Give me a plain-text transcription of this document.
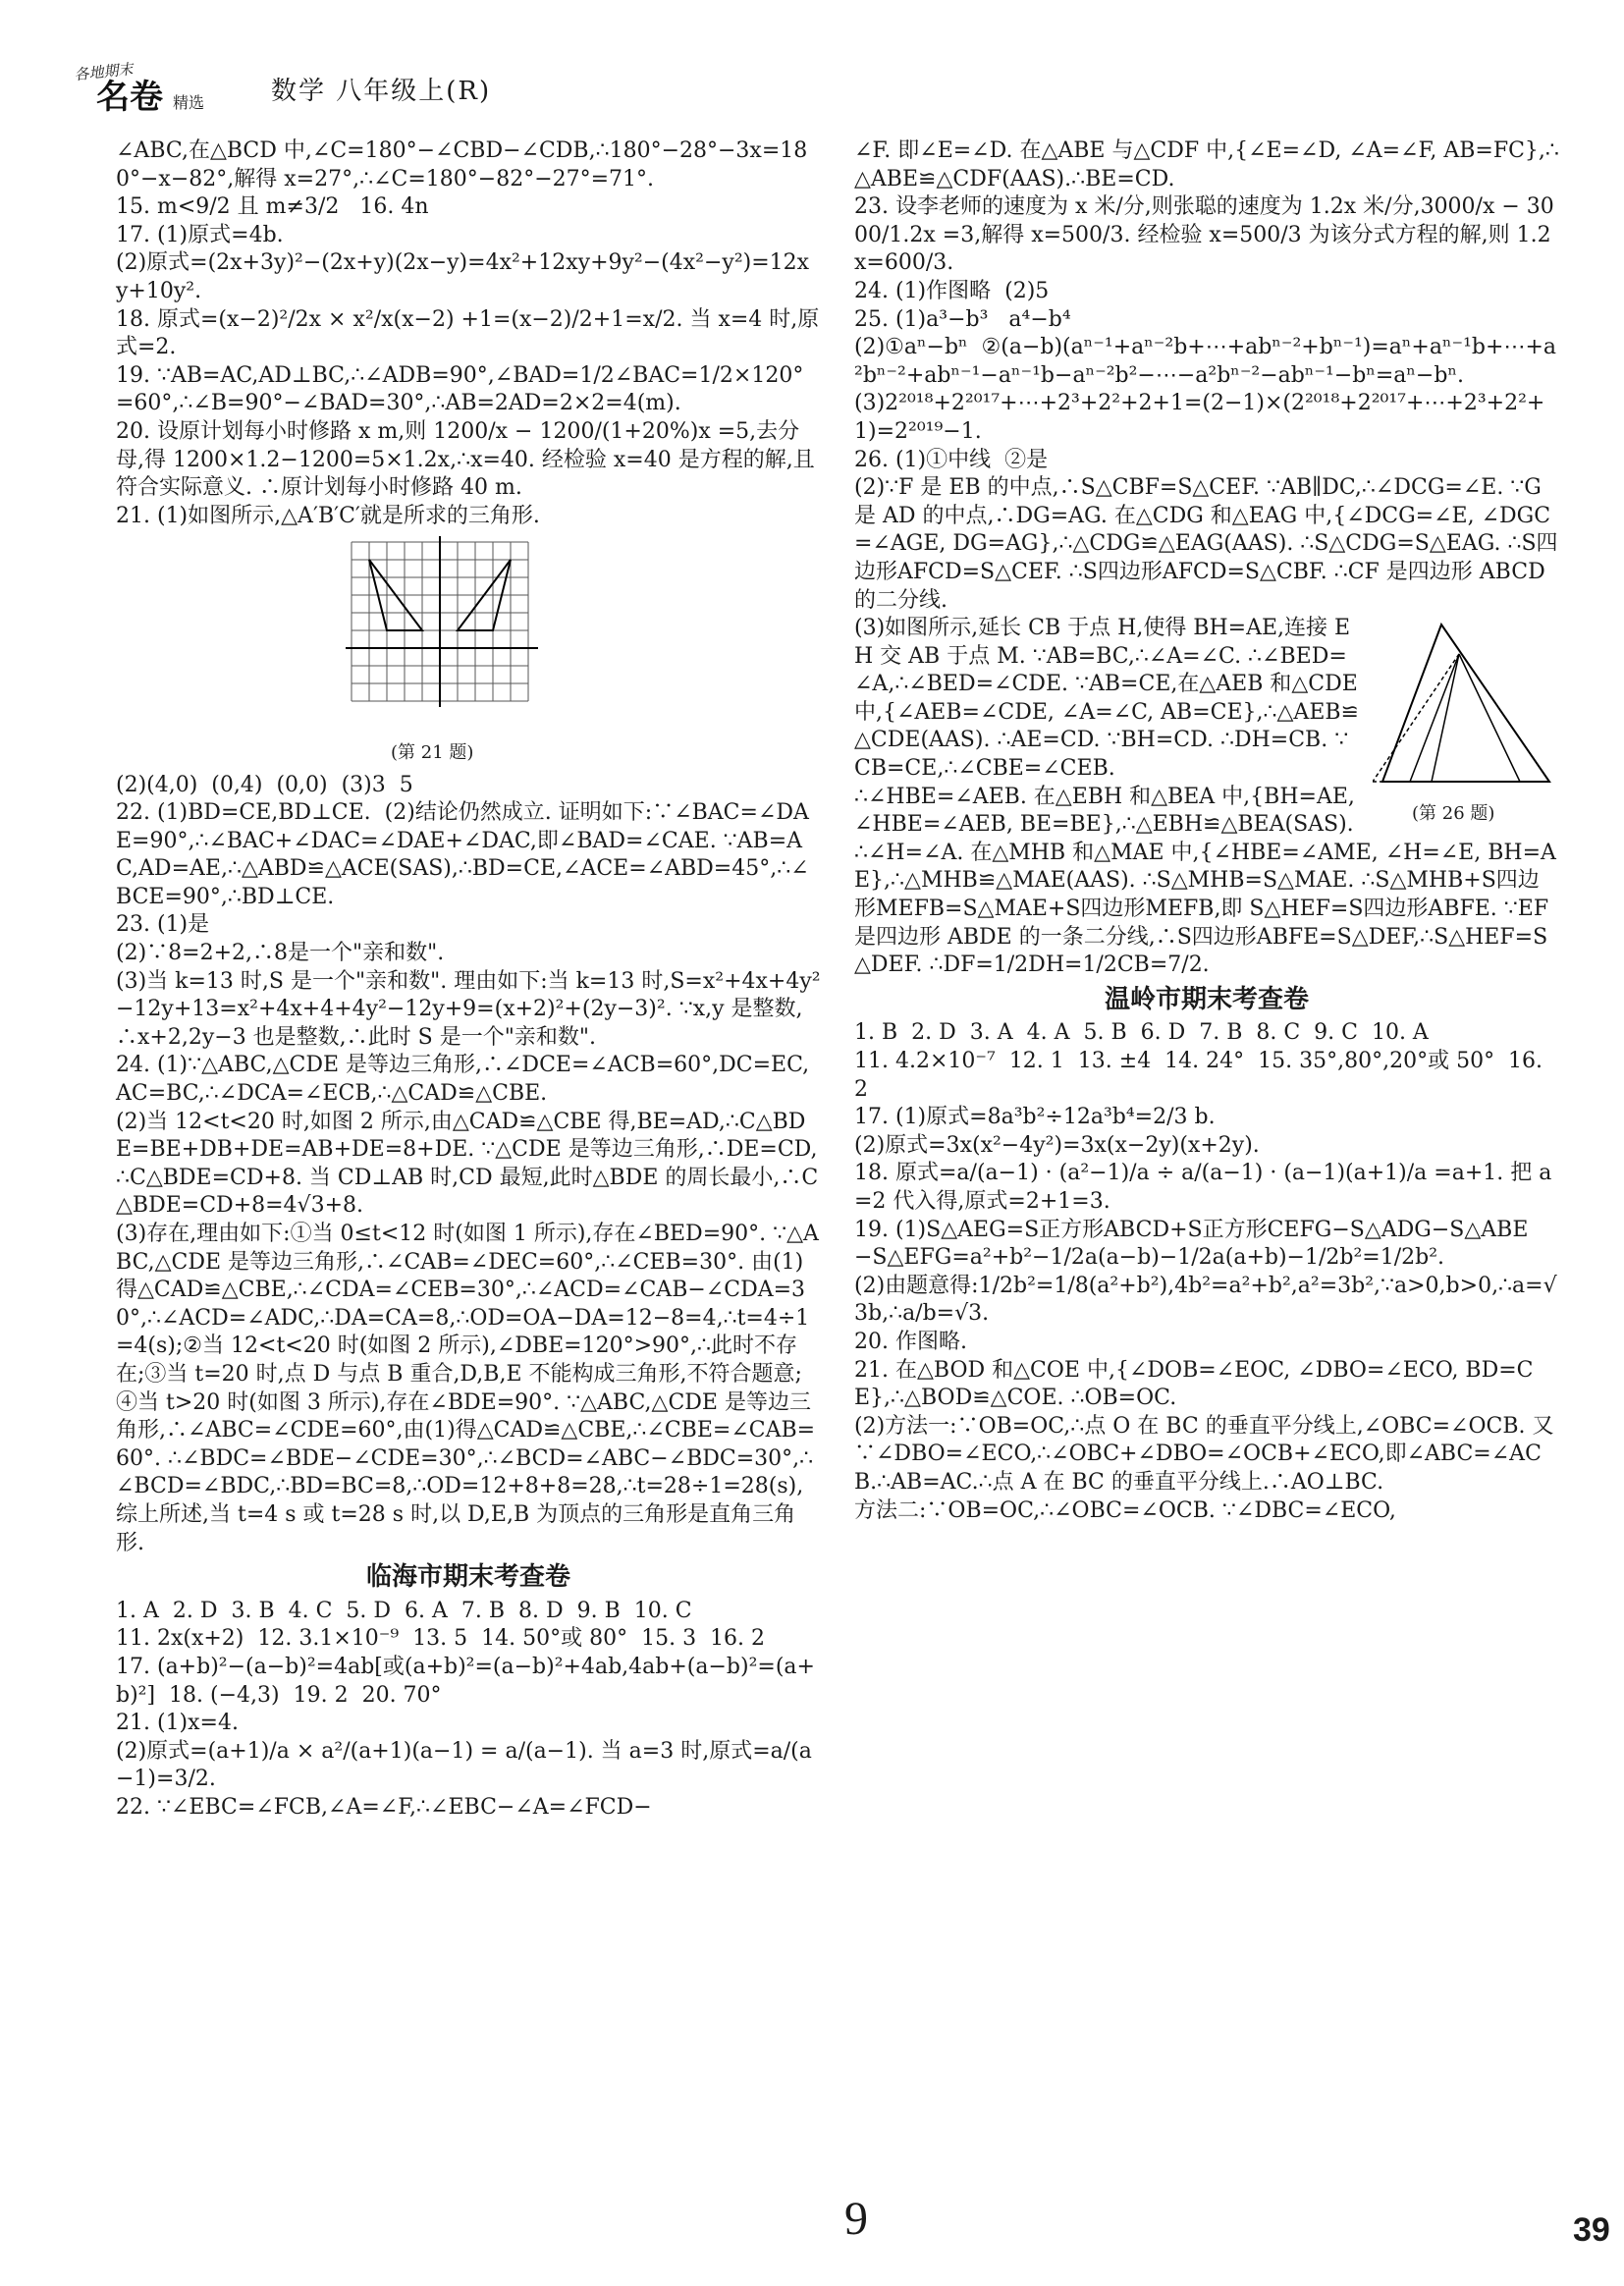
各地期末
名卷 精选	数学 八年级上(R)

∠ABC,在△BCD 中,∠C=180°−∠CBD−∠CDB,∴180°−28°−3x=180°−x−82°,解得 x=27°,∴∠C=180°−82°−27°=71°.

15. m<9/2 且 m≠3/2   16. 4n

17. (1)原式=4b.

(2)原式=(2x+3y)²−(2x+y)(2x−y)=4x²+12xy+9y²−(4x²−y²)=12xy+10y².

18. 原式=(x−2)²/2x × x²/x(x−2) +1=(x−2)/2+1=x/2. 当 x=4 时,原式=2.

19. ∵AB=AC,AD⊥BC,∴∠ADB=90°,∠BAD=1/2∠BAC=1/2×120°=60°,∴∠B=90°−∠BAD=30°,∴AB=2AD=2×2=4(m).

20. 设原计划每小时修路 x m,则 1200/x − 1200/(1+20%)x =5,去分母,得 1200×1.2−1200=5×1.2x,∴x=40. 经检验 x=40 是方程的解,且符合实际意义. ∴原计划每小时修路 40 m.

21. (1)如图所示,△A′B′C′就是所求的三角形.

(第 21 题)

(2)(4,0)  (0,4)  (0,0)  (3)3  5

22. (1)BD=CE,BD⊥CE.  (2)结论仍然成立. 证明如下:∵∠BAC=∠DAE=90°,∴∠BAC+∠DAC=∠DAE+∠DAC,即∠BAD=∠CAE. ∵AB=AC,AD=AE,∴△ABD≌△ACE(SAS),∴BD=CE,∠ACE=∠ABD=45°,∴∠BCE=90°,∴BD⊥CE.

23. (1)是

(2)∵8=2+2,∴8是一个"亲和数".

(3)当 k=13 时,S 是一个"亲和数". 理由如下:当 k=13 时,S=x²+4x+4y²−12y+13=x²+4x+4+4y²−12y+9=(x+2)²+(2y−3)². ∵x,y 是整数,∴x+2,2y−3 也是整数,∴此时 S 是一个"亲和数".

24. (1)∵△ABC,△CDE 是等边三角形,∴∠DCE=∠ACB=60°,DC=EC,AC=BC,∴∠DCA=∠ECB,∴△CAD≌△CBE.

(2)当 12<t<20 时,如图 2 所示,由△CAD≌△CBE 得,BE=AD,∴C△BDE=BE+DB+DE=AB+DE=8+DE. ∵△CDE 是等边三角形,∴DE=CD,∴C△BDE=CD+8. 当 CD⊥AB 时,CD 最短,此时△BDE 的周长最小,∴C△BDE=CD+8=4√3+8.

(3)存在,理由如下:①当 0≤t<12 时(如图 1 所示),存在∠BED=90°. ∵△ABC,△CDE 是等边三角形,∴∠CAB=∠DEC=60°,∴∠CEB=30°. 由(1)得△CAD≌△CBE,∴∠CDA=∠CEB=30°,∴∠ACD=∠CAB−∠CDA=30°,∴∠ACD=∠ADC,∴DA=CA=8,∴OD=OA−DA=12−8=4,∴t=4÷1=4(s);②当 12<t<20 时(如图 2 所示),∠DBE=120°>90°,∴此时不存在;③当 t=20 时,点 D 与点 B 重合,D,B,E 不能构成三角形,不符合题意;④当 t>20 时(如图 3 所示),存在∠BDE=90°. ∵△ABC,△CDE 是等边三角形,∴∠ABC=∠CDE=60°,由(1)得△CAD≌△CBE,∴∠CBE=∠CAB=60°. ∴∠BDC=∠BDE−∠CDE=30°,∴∠BCD=∠ABC−∠BDC=30°,∴∠BCD=∠BDC,∴BD=BC=8,∴OD=12+8+8=28,∴t=28÷1=28(s),综上所述,当 t=4 s 或 t=28 s 时,以 D,E,B 为顶点的三角形是直角三角形.

临海市期末考查卷

1. A  2. D  3. B  4. C  5. D  6. A  7. B  8. D  9. B  10. C

11. 2x(x+2)  12. 3.1×10⁻⁹  13. 5  14. 50°或 80°  15. 3  16. 2

17. (a+b)²−(a−b)²=4ab[或(a+b)²=(a−b)²+4ab,4ab+(a−b)²=(a+b)²]  18. (−4,3)  19. 2  20. 70°

21. (1)x=4.

(2)原式=(a+1)/a × a²/(a+1)(a−1) = a/(a−1). 当 a=3 时,原式=a/(a−1)=3/2.

22. ∵∠EBC=∠FCB,∠A=∠F,∴∠EBC−∠A=∠FCD−

∠F. 即∠E=∠D. 在△ABE 与△CDF 中,{∠E=∠D, ∠A=∠F, AB=FC},∴△ABE≌△CDF(AAS).∴BE=CD.

23. 设李老师的速度为 x 米/分,则张聪的速度为 1.2x 米/分,3000/x − 3000/1.2x =3,解得 x=500/3. 经检验 x=500/3 为该分式方程的解,则 1.2x=600/3.

24. (1)作图略  (2)5

25. (1)a³−b³   a⁴−b⁴

(2)①aⁿ−bⁿ  ②(a−b)(aⁿ⁻¹+aⁿ⁻²b+⋯+abⁿ⁻²+bⁿ⁻¹)=aⁿ+aⁿ⁻¹b+⋯+a²bⁿ⁻²+abⁿ⁻¹−aⁿ⁻¹b−aⁿ⁻²b²−⋯−a²bⁿ⁻²−abⁿ⁻¹−bⁿ=aⁿ−bⁿ.

(3)2²⁰¹⁸+2²⁰¹⁷+⋯+2³+2²+2+1=(2−1)×(2²⁰¹⁸+2²⁰¹⁷+⋯+2³+2²+1)=2²⁰¹⁹−1.

26. (1)①中线  ②是

(2)∵F 是 EB 的中点,∴S△CBF=S△CEF. ∵AB∥DC,∴∠DCG=∠E. ∵G 是 AD 的中点,∴DG=AG. 在△CDG 和△EAG 中,{∠DCG=∠E, ∠DGC=∠AGE, DG=AG},∴△CDG≌△EAG(AAS). ∴S△CDG=S△EAG. ∴S四边形AFCD=S△CEF. ∴S四边形AFCD=S△CBF. ∴CF 是四边形 ABCD 的二分线.

(第 26 题)

(3)如图所示,延长 CB 于点 H,使得 BH=AE,连接 EH 交 AB 于点 M. ∵AB=BC,∴∠A=∠C. ∴∠BED=∠A,∴∠BED=∠CDE. ∵AB=CE,在△AEB 和△CDE 中,{∠AEB=∠CDE, ∠A=∠C, AB=CE},∴△AEB≌△CDE(AAS). ∴AE=CD. ∵BH=CD. ∴DH=CB. ∵CB=CE,∴∠CBE=∠CEB.

∴∠HBE=∠AEB. 在△EBH 和△BEA 中,{BH=AE, ∠HBE=∠AEB, BE=BE},∴△EBH≌△BEA(SAS). ∴∠H=∠A. 在△MHB 和△MAE 中,{∠HBE=∠AME, ∠H=∠E, BH=AE},∴△MHB≌△MAE(AAS). ∴S△MHB=S△MAE. ∴S△MHB+S四边形MEFB=S△MAE+S四边形MEFB,即 S△HEF=S四边形ABFE. ∵EF 是四边形 ABDE 的一条二分线,∴S四边形ABFE=S△DEF,∴S△HEF=S△DEF. ∴DF=1/2DH=1/2CB=7/2.

温岭市期末考查卷

1. B  2. D  3. A  4. A  5. B  6. D  7. B  8. C  9. C  10. A

11. 4.2×10⁻⁷  12. 1  13. ±4  14. 24°  15. 35°,80°,20°或 50°  16. 2

17. (1)原式=8a³b²÷12a³b⁴=2/3 b.

(2)原式=3x(x²−4y²)=3x(x−2y)(x+2y).

18. 原式=a/(a−1) · (a²−1)/a ÷ a/(a−1) · (a−1)(a+1)/a =a+1. 把 a=2 代入得,原式=2+1=3.

19. (1)S△AEG=S正方形ABCD+S正方形CEFG−S△ADG−S△ABE−S△EFG=a²+b²−1/2a(a−b)−1/2a(a+b)−1/2b²=1/2b².

(2)由题意得:1/2b²=1/8(a²+b²),4b²=a²+b²,a²=3b²,∵a>0,b>0,∴a=√3b,∴a/b=√3.

20. 作图略.

21. 在△BOD 和△COE 中,{∠DOB=∠EOC, ∠DBO=∠ECO, BD=CE},∴△BOD≌△COE. ∴OB=OC.

(2)方法一:∵OB=OC,∴点 O 在 BC 的垂直平分线上,∠OBC=∠OCB. 又∵∠DBO=∠ECO,∴∠OBC+∠DBO=∠OCB+∠ECO,即∠ABC=∠ACB.∴AB=AC.∴点 A 在 BC 的垂直平分线上.∴AO⊥BC.

方法二:∵OB=OC,∴∠OBC=∠OCB. ∵∠DBC=∠ECO,

9	39
